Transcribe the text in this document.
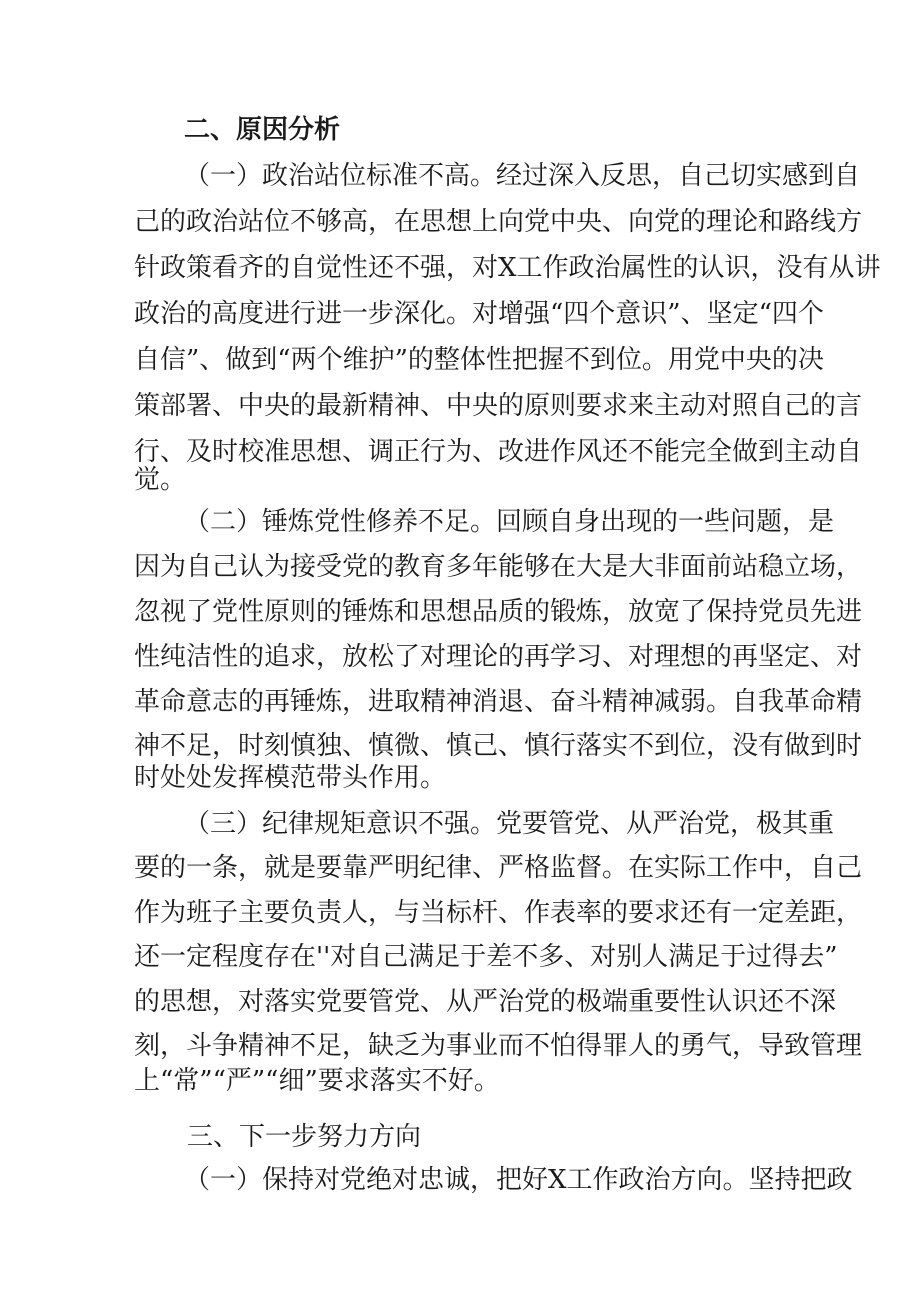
二、原因分析
（一）政治站位标准不高。经过深入反思，自己切实感到自
己的政治站位不够高，在思想上向党中央、向党的理论和路线方
针政策看齐的自觉性还不强，对X工作政治属性的认识，没有从讲
政治的高度进行进一步深化。对增强“四个意识”、坚定“四个
自信”、做到“两个维护”的整体性把握不到位。用党中央的决
策部署、中央的最新精神、中央的原则要求来主动对照自己的言
行、及时校准思想、调正行为、改进作风还不能完全做到主动自
觉。
（二）锤炼党性修养不足。回顾自身出现的一些问题，是
因为自己认为接受党的教育多年能够在大是大非面前站稳立场，
忽视了党性原则的锤炼和思想品质的锻炼，放宽了保持党员先进
性纯洁性的追求，放松了对理论的再学习、对理想的再坚定、对
革命意志的再锤炼，进取精神消退、奋斗精神减弱。自我革命精
神不足，时刻慎独、慎微、慎己、慎行落实不到位，没有做到时
时处处发挥模范带头作用。
（三）纪律规矩意识不强。党要管党、从严治党，极其重
要的一条，就是要靠严明纪律、严格监督。在实际工作中，自己
作为班子主要负责人，与当标杆、作表率的要求还有一定差距，
还一定程度存在''对自己满足于差不多、对别人满足于过得去”
的思想，对落实党要管党、从严治党的极端重要性认识还不深
刻，斗争精神不足，缺乏为事业而不怕得罪人的勇气，导致管理
上“常”“严”“细”要求落实不好。
三、下一步努力方向
（一）保持对党绝对忠诚，把好X工作政治方向。坚持把政
